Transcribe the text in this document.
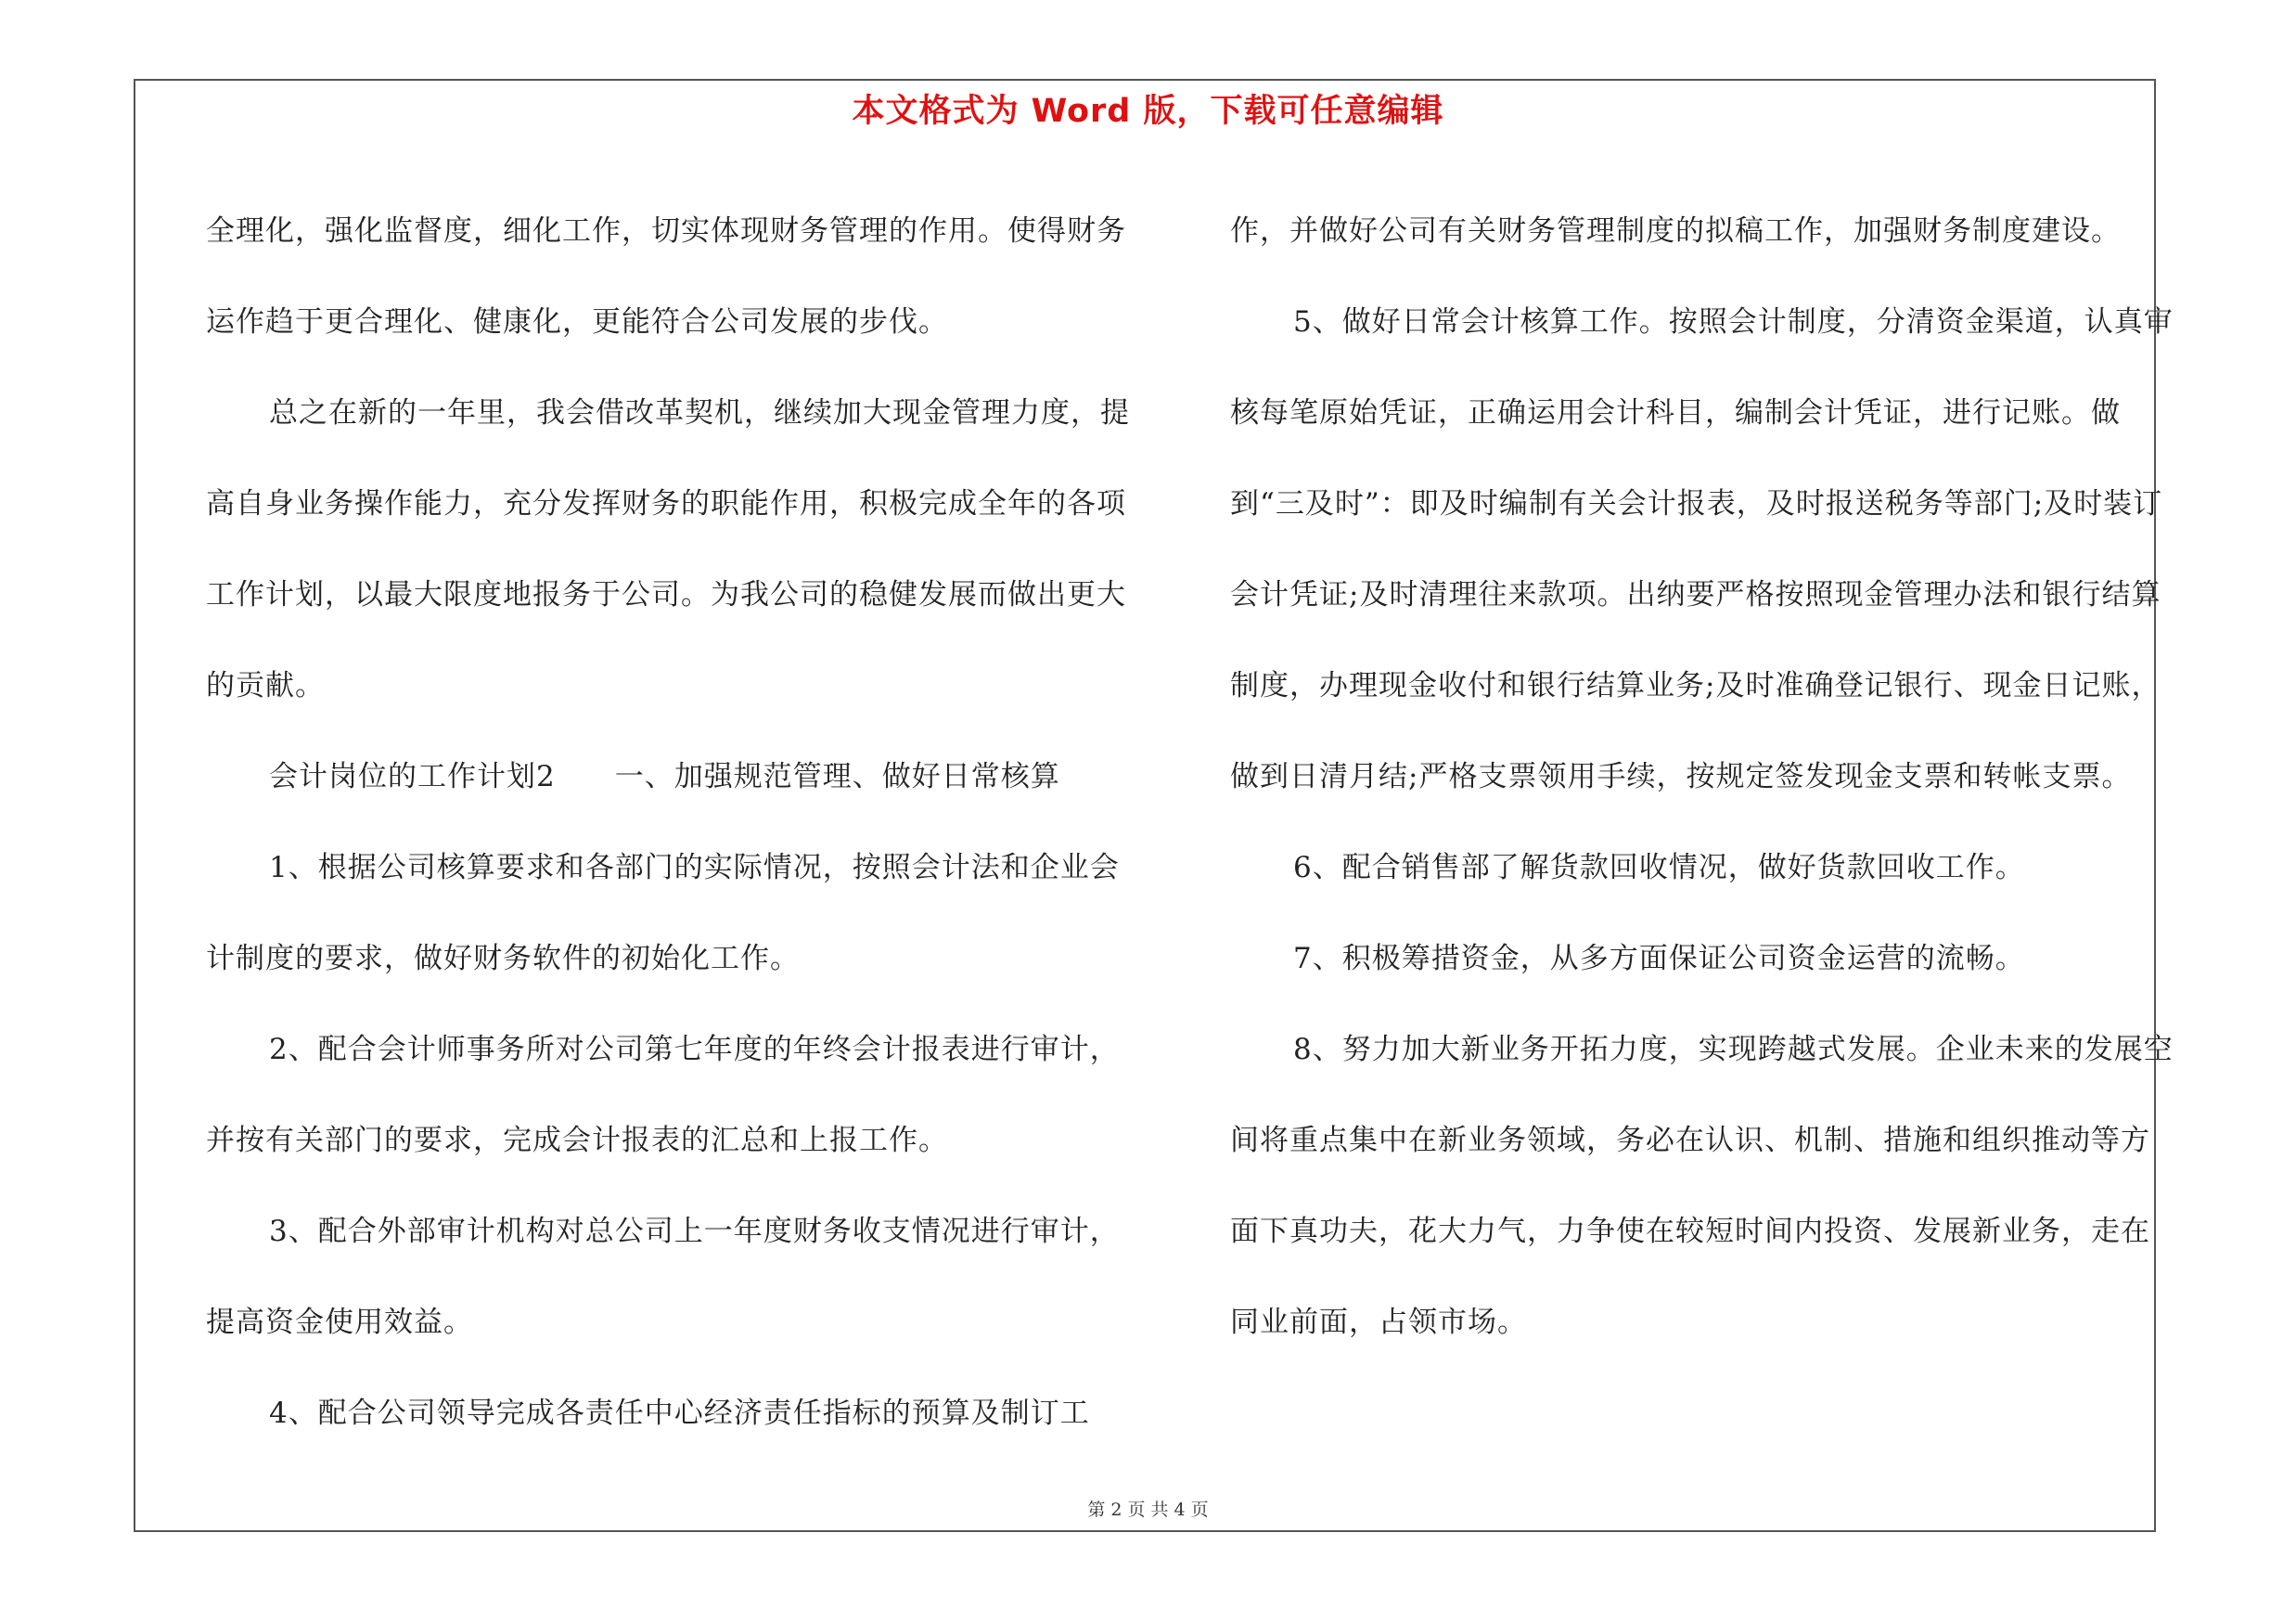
本文格式为 Word 版，下载可任意编辑

全理化，强化监督度，细化工作，切实体现财务管理的作用。使得财务运作趋于更合理化、健康化，更能符合公司发展的步伐。

总之在新的一年里，我会借改革契机，继续加大现金管理力度，提高自身业务操作能力，充分发挥财务的职能作用，积极完成全年的各项工作计划，以最大限度地报务于公司。为我公司的稳健发展而做出更大的贡献。

会计岗位的工作计划2　　一、加强规范管理、做好日常核算

1、根据公司核算要求和各部门的实际情况，按照会计法和企业会计制度的要求，做好财务软件的初始化工作。

2、配合会计师事务所对公司第七年度的年终会计报表进行审计，并按有关部门的要求，完成会计报表的汇总和上报工作。

3、配合外部审计机构对总公司上一年度财务收支情况进行审计，提高资金使用效益。

4、配合公司领导完成各责任中心经济责任指标的预算及制订工

作，并做好公司有关财务管理制度的拟稿工作，加强财务制度建设。

5、做好日常会计核算工作。按照会计制度，分清资金渠道，认真审核每笔原始凭证，正确运用会计科目，编制会计凭证，进行记账。做到“三及时”：即及时编制有关会计报表，及时报送税务等部门;及时装订会计凭证;及时清理往来款项。出纳要严格按照现金管理办法和银行结算制度，办理现金收付和银行结算业务;及时准确登记银行、现金日记账，做到日清月结;严格支票领用手续，按规定签发现金支票和转帐支票。

6、配合销售部了解货款回收情况，做好货款回收工作。

7、积极筹措资金，从多方面保证公司资金运营的流畅。

8、努力加大新业务开拓力度，实现跨越式发展。企业未来的发展空间将重点集中在新业务领域，务必在认识、机制、措施和组织推动等方面下真功夫，花大力气，力争使在较短时间内投资、发展新业务，走在同业前面，占领市场。

第 2 页 共 4 页
